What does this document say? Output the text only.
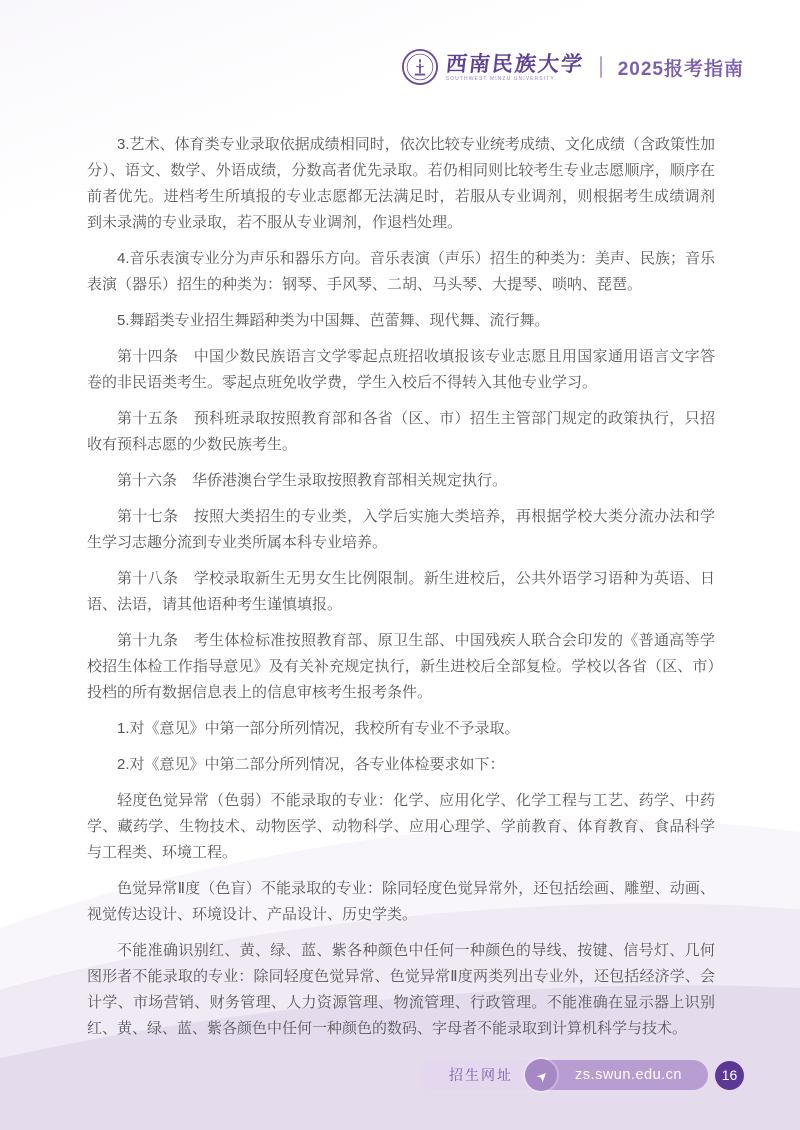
西南民族大学
SOUTHWEST MINZU UNIVERSITY	2025报考指南

3.艺术、体育类专业录取依据成绩相同时，依次比较专业统考成绩、文化成绩（含政策性加分）、语文、数学、外语成绩，分数高者优先录取。若仍相同则比较考生专业志愿顺序，顺序在前者优先。进档考生所填报的专业志愿都无法满足时，若服从专业调剂，则根据考生成绩调剂到未录满的专业录取，若不服从专业调剂，作退档处理。

4.音乐表演专业分为声乐和器乐方向。音乐表演（声乐）招生的种类为：美声、民族；音乐表演（器乐）招生的种类为：钢琴、手风琴、二胡、马头琴、大提琴、唢呐、琵琶。

5.舞蹈类专业招生舞蹈种类为中国舞、芭蕾舞、现代舞、流行舞。

第十四条　中国少数民族语言文学零起点班招收填报该专业志愿且用国家通用语言文字答卷的非民语类考生。零起点班免收学费，学生入校后不得转入其他专业学习。

第十五条　预科班录取按照教育部和各省（区、市）招生主管部门规定的政策执行，只招收有预科志愿的少数民族考生。

第十六条　华侨港澳台学生录取按照教育部相关规定执行。

第十七条　按照大类招生的专业类，入学后实施大类培养，再根据学校大类分流办法和学生学习志趣分流到专业类所属本科专业培养。

第十八条　学校录取新生无男女生比例限制。新生进校后，公共外语学习语种为英语、日语、法语，请其他语种考生谨慎填报。

第十九条　考生体检标准按照教育部、原卫生部、中国残疾人联合会印发的《普通高等学校招生体检工作指导意见》及有关补充规定执行，新生进校后全部复检。学校以各省（区、市）投档的所有数据信息表上的信息审核考生报考条件。

1.对《意见》中第一部分所列情况，我校所有专业不予录取。

2.对《意见》中第二部分所列情况，各专业体检要求如下：

轻度色觉异常（色弱）不能录取的专业：化学、应用化学、化学工程与工艺、药学、中药学、藏药学、生物技术、动物医学、动物科学、应用心理学、学前教育、体育教育、食品科学与工程类、环境工程。

色觉异常Ⅱ度（色盲）不能录取的专业：除同轻度色觉异常外，还包括绘画、雕塑、动画、视觉传达设计、环境设计、产品设计、历史学类。

不能准确识别红、黄、绿、蓝、紫各种颜色中任何一种颜色的导线、按键、信号灯、几何图形者不能录取的专业：除同轻度色觉异常、色觉异常Ⅱ度两类列出专业外，还包括经济学、会计学、市场营销、财务管理、人力资源管理、物流管理、行政管理。不能准确在显示器上识别红、黄、绿、蓝、紫各颜色中任何一种颜色的数码、字母者不能录取到计算机科学与技术。

招生网址	➤	zs.swun.edu.cn	16
